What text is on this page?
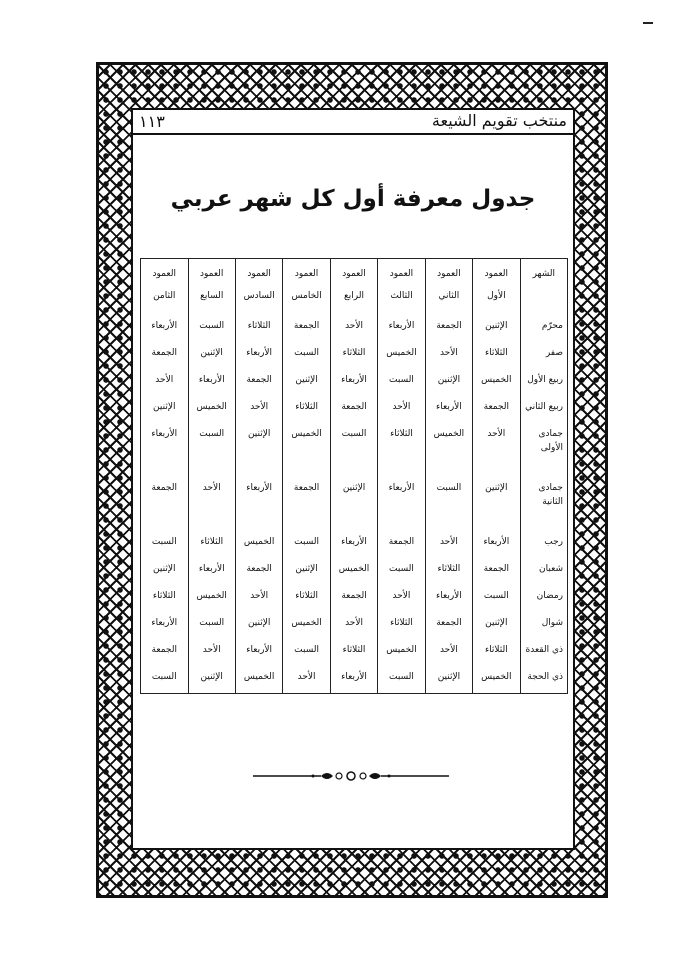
١١٣	منتخب تقويم الشيعة
جدول معرفة أول كل شهر عربي
الشهر	العمود الأول	العمود الثاني	العمود الثالث	العمود الرابع	العمود الخامس	العمود السادس	العمود السابع	العمود الثامن
محرّم	الإثنين	الجمعة	الأربعاء	الأحد	الجمعة	الثلاثاء	السبت	الأربعاء
صفر	الثلاثاء	الأحد	الخميس	الثلاثاء	السبت	الأربعاء	الإثنين	الجمعة
ربيع الأول	الخميس	الإثنين	السبت	الأربعاء	الإثنين	الجمعة	الأربعاء	الأحد
ربيع الثاني	الجمعة	الأربعاء	الأحد	الجمعة	الثلاثاء	الأحد	الخميس	الإثنين
جمادى الأولى	الأحد	الخميس	الثلاثاء	السبت	الخميس	الإثنين	السبت	الأربعاء
جمادى الثانية	الإثنين	السبت	الأربعاء	الإثنين	الجمعة	الأربعاء	الأحد	الجمعة
رجب	الأربعاء	الأحد	الجمعة	الأربعاء	السبت	الخميس	الثلاثاء	السبت
شعبان	الجمعة	الثلاثاء	السبت	الخميس	الإثنين	الجمعة	الأربعاء	الإثنين
رمضان	السبت	الأربعاء	الأحد	الجمعة	الثلاثاء	الأحد	الخميس	الثلاثاء
شوال	الإثنين	الجمعة	الثلاثاء	الأحد	الخميس	الإثنين	السبت	الأربعاء
ذي القعدة	الثلاثاء	الأحد	الخميس	الثلاثاء	السبت	الأربعاء	الأحد	الجمعة
ذي الحجة	الخميس	الإثنين	السبت	الأربعاء	الأحد	الخميس	الإثنين	السبت
